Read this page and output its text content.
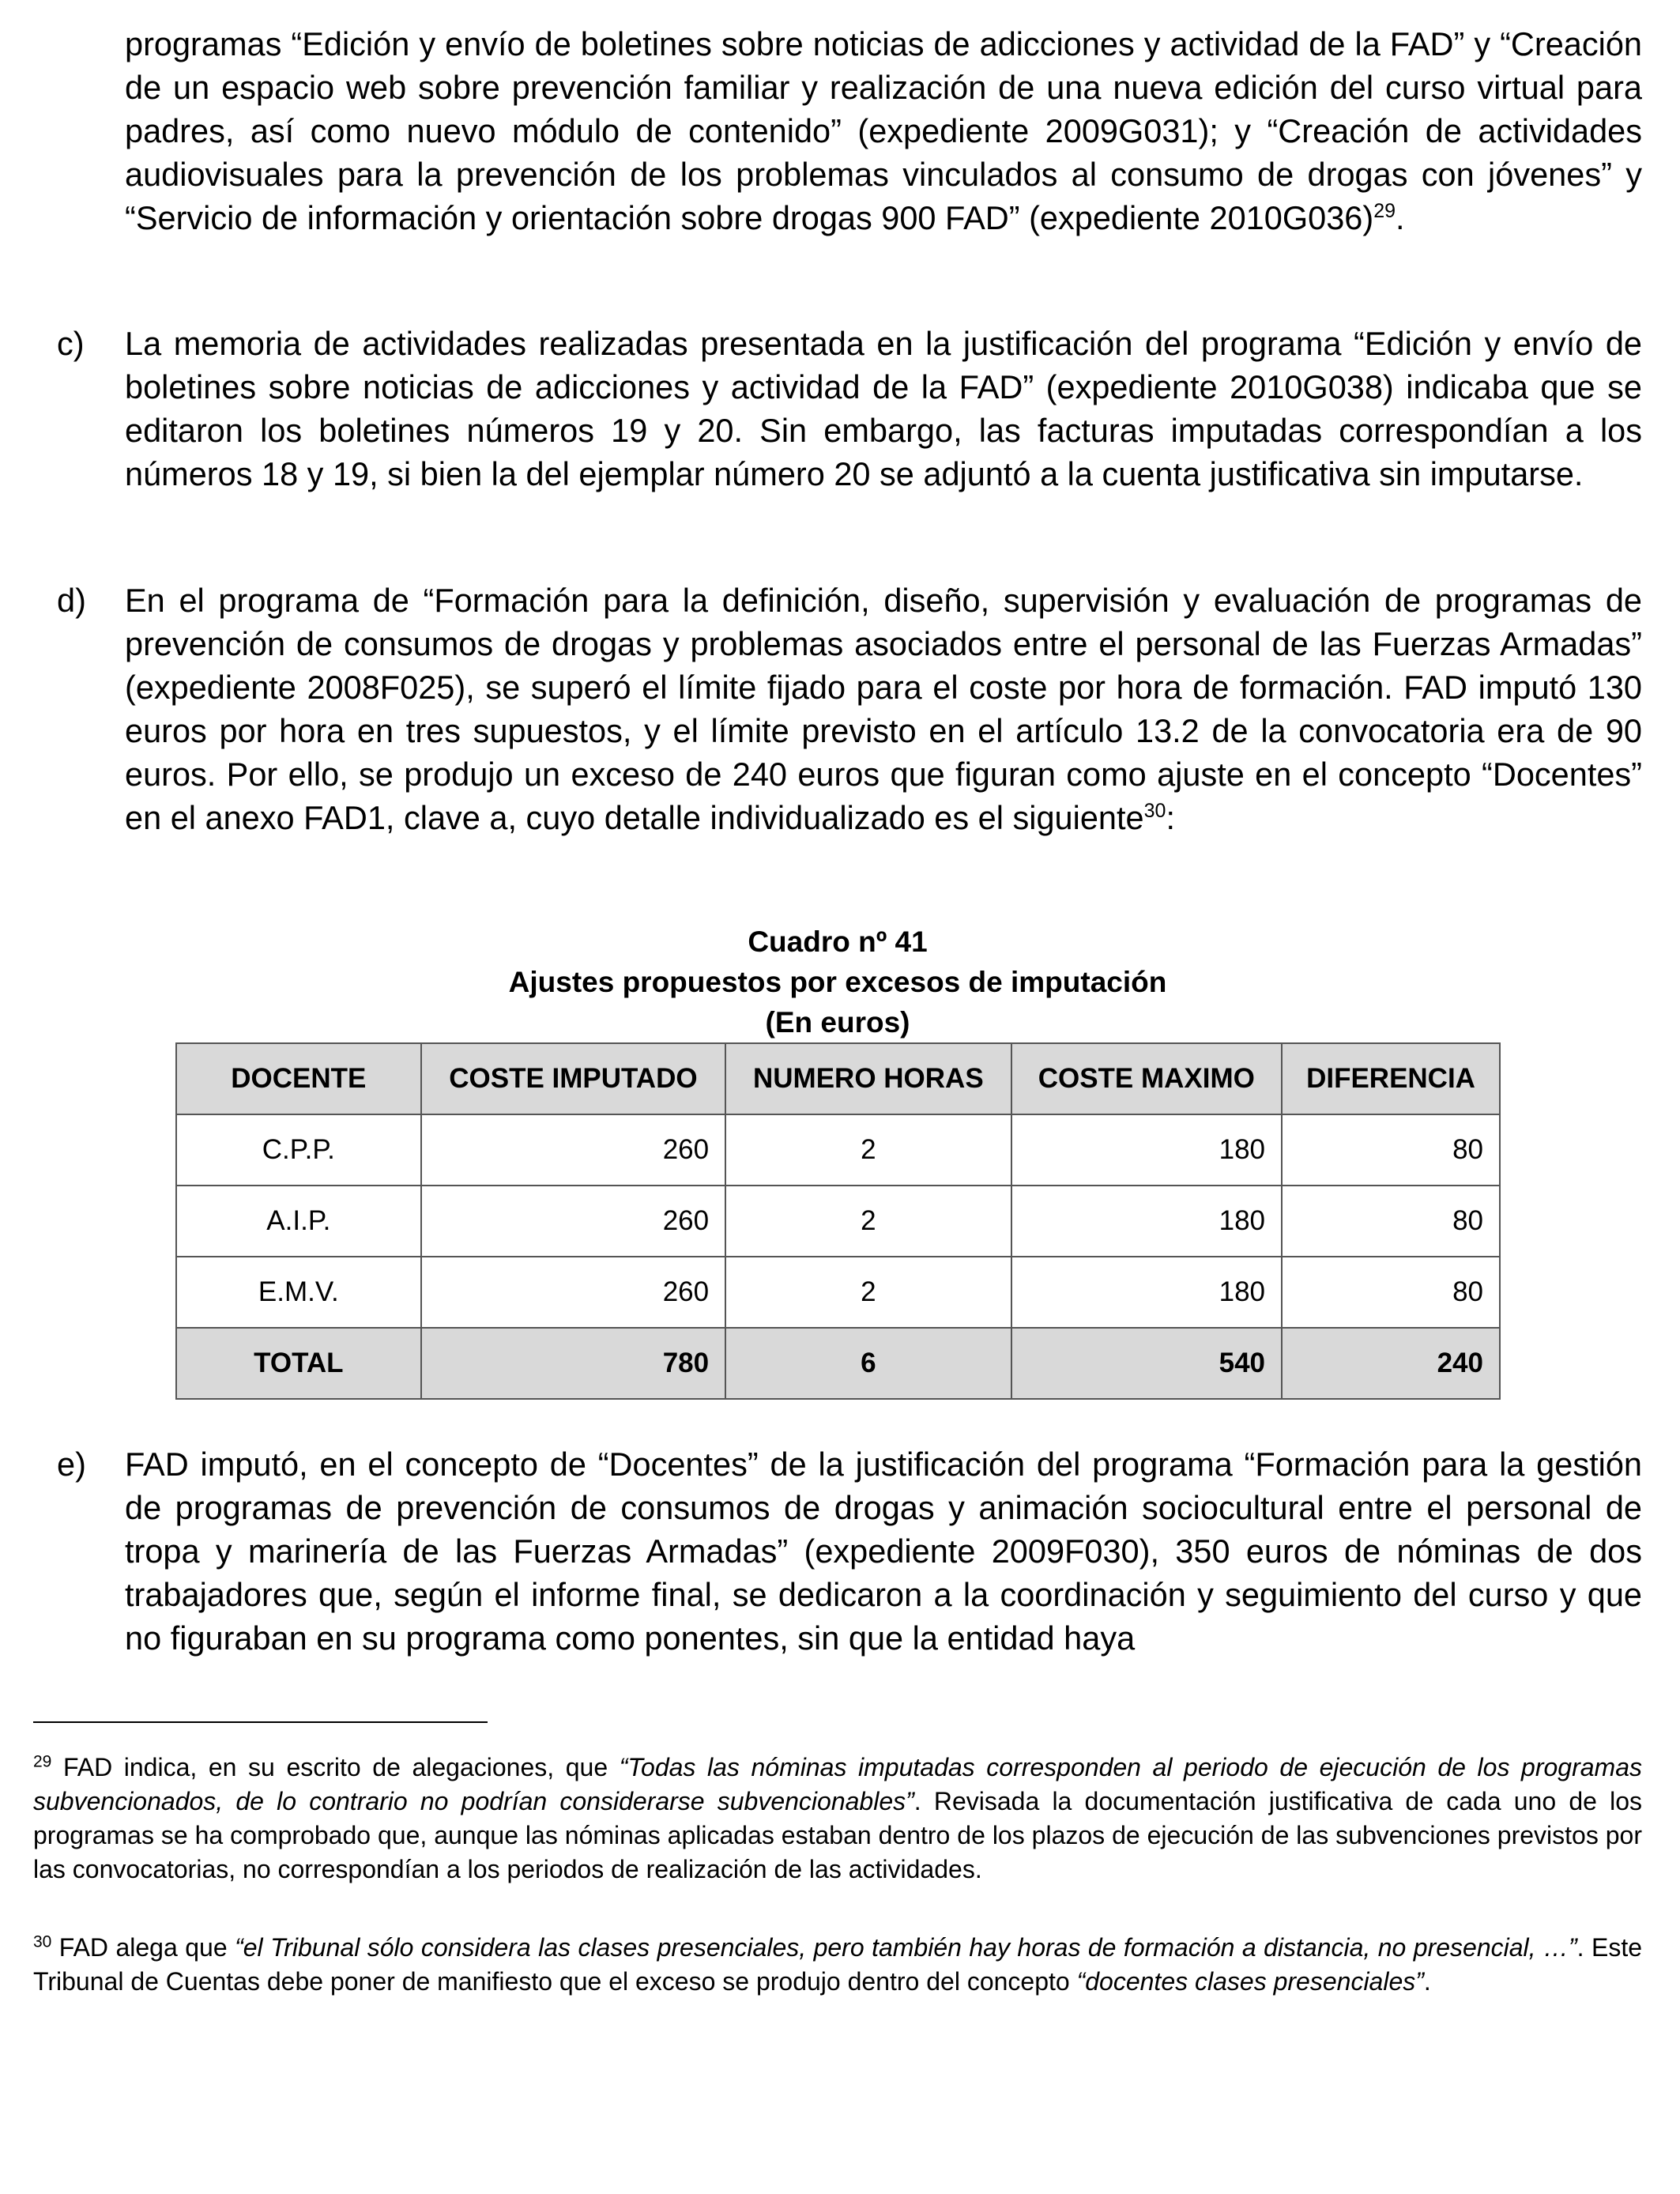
programas “Edición y envío de boletines sobre noticias de adicciones y actividad de la FAD” y “Creación de un espacio web sobre prevención familiar y realización de una nueva edición del curso virtual para padres, así como nuevo módulo de contenido” (expediente 2009G031); y “Creación de actividades audiovisuales para la prevención de los problemas vinculados al consumo de drogas con jóvenes” y “Servicio de información y orientación sobre drogas 900 FAD” (expediente 2010G036)$^{29}$.

c)	La memoria de actividades realizadas presentada en la justificación del programa “Edición y envío de boletines sobre noticias de adicciones y actividad de la FAD” (expediente 2010G038) indicaba que se editaron los boletines números 19 y 20. Sin embargo, las facturas imputadas correspondían a los números 18 y 19, si bien la del ejemplar número 20 se adjuntó a la cuenta justificativa sin imputarse.

d)	En el programa de “Formación para la definición, diseño, supervisión y evaluación de programas de prevención de consumos de drogas y problemas asociados entre el personal de las Fuerzas Armadas” (expediente 2008F025), se superó el límite fijado para el coste por hora de formación. FAD imputó 130 euros por hora en tres supuestos, y el límite previsto en el artículo 13.2 de la convocatoria era de 90 euros. Por ello, se produjo un exceso de 240 euros que figuran como ajuste en el concepto “Docentes” en el anexo FAD1, clave a, cuyo detalle individualizado es el siguiente$^{30}$:

Cuadro nº 41
Ajustes propuestos por excesos de imputación
(En euros)
DOCENTE	COSTE IMPUTADO	NUMERO HORAS	COSTE MAXIMO	DIFERENCIA
C.P.P.	260	2	180	80
A.I.P.	260	2	180	80
E.M.V.	260	2	180	80
TOTAL	780	6	540	240
e)	FAD imputó, en el concepto de “Docentes” de la justificación del programa “Formación para la gestión de programas de prevención de consumos de drogas y animación sociocultural entre el personal de tropa y marinería de las Fuerzas Armadas” (expediente 2009F030), 350 euros de nóminas de dos trabajadores que, según el informe final, se dedicaron a la coordinación y seguimiento del curso y que no figuraban en su programa como ponentes, sin que la entidad haya

$^{29}$ FAD indica, en su escrito de alegaciones, que “Todas las nóminas imputadas corresponden al periodo de ejecución de los programas subvencionados, de lo contrario no podrían considerarse subvencionables”. Revisada la documentación justificativa de cada uno de los programas se ha comprobado que, aunque las nóminas aplicadas estaban dentro de los plazos de ejecución de las subvenciones previstos por las convocatorias, no correspondían a los periodos de realización de las actividades.

$^{30}$ FAD alega que “el Tribunal sólo considera las clases presenciales, pero también hay horas de formación a distancia, no presencial, …”. Este Tribunal de Cuentas debe poner de manifiesto que el exceso se produjo dentro del concepto “docentes clases presenciales”.
